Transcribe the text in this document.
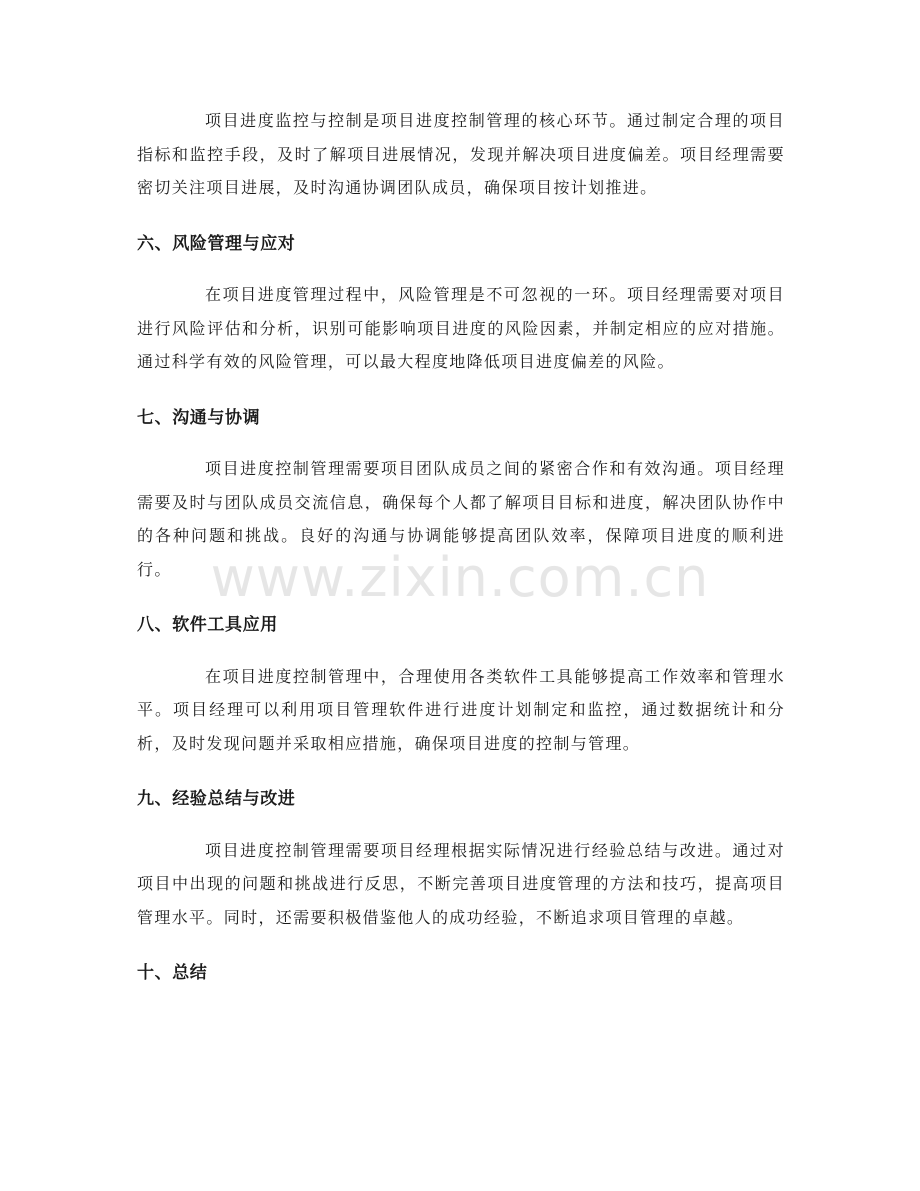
项目进度监控与控制是项目进度控制管理的核心环节。通过制定合理的项目指标和监控手段，及时了解项目进展情况，发现并解决项目进度偏差。项目经理需要密切关注项目进展，及时沟通协调团队成员，确保项目按计划推进。

六、风险管理与应对

在项目进度管理过程中，风险管理是不可忽视的一环。项目经理需要对项目进行风险评估和分析，识别可能影响项目进度的风险因素，并制定相应的应对措施。通过科学有效的风险管理，可以最大程度地降低项目进度偏差的风险。

七、沟通与协调

项目进度控制管理需要项目团队成员之间的紧密合作和有效沟通。项目经理需要及时与团队成员交流信息，确保每个人都了解项目目标和进度，解决团队协作中的各种问题和挑战。良好的沟通与协调能够提高团队效率，保障项目进度的顺利进行。

八、软件工具应用

在项目进度控制管理中，合理使用各类软件工具能够提高工作效率和管理水平。项目经理可以利用项目管理软件进行进度计划制定和监控，通过数据统计和分析，及时发现问题并采取相应措施，确保项目进度的控制与管理。

九、经验总结与改进

项目进度控制管理需要项目经理根据实际情况进行经验总结与改进。通过对项目中出现的问题和挑战进行反思，不断完善项目进度管理的方法和技巧，提高项目管理水平。同时，还需要积极借鉴他人的成功经验，不断追求项目管理的卓越。

十、总结
www.zixin.com.cn
